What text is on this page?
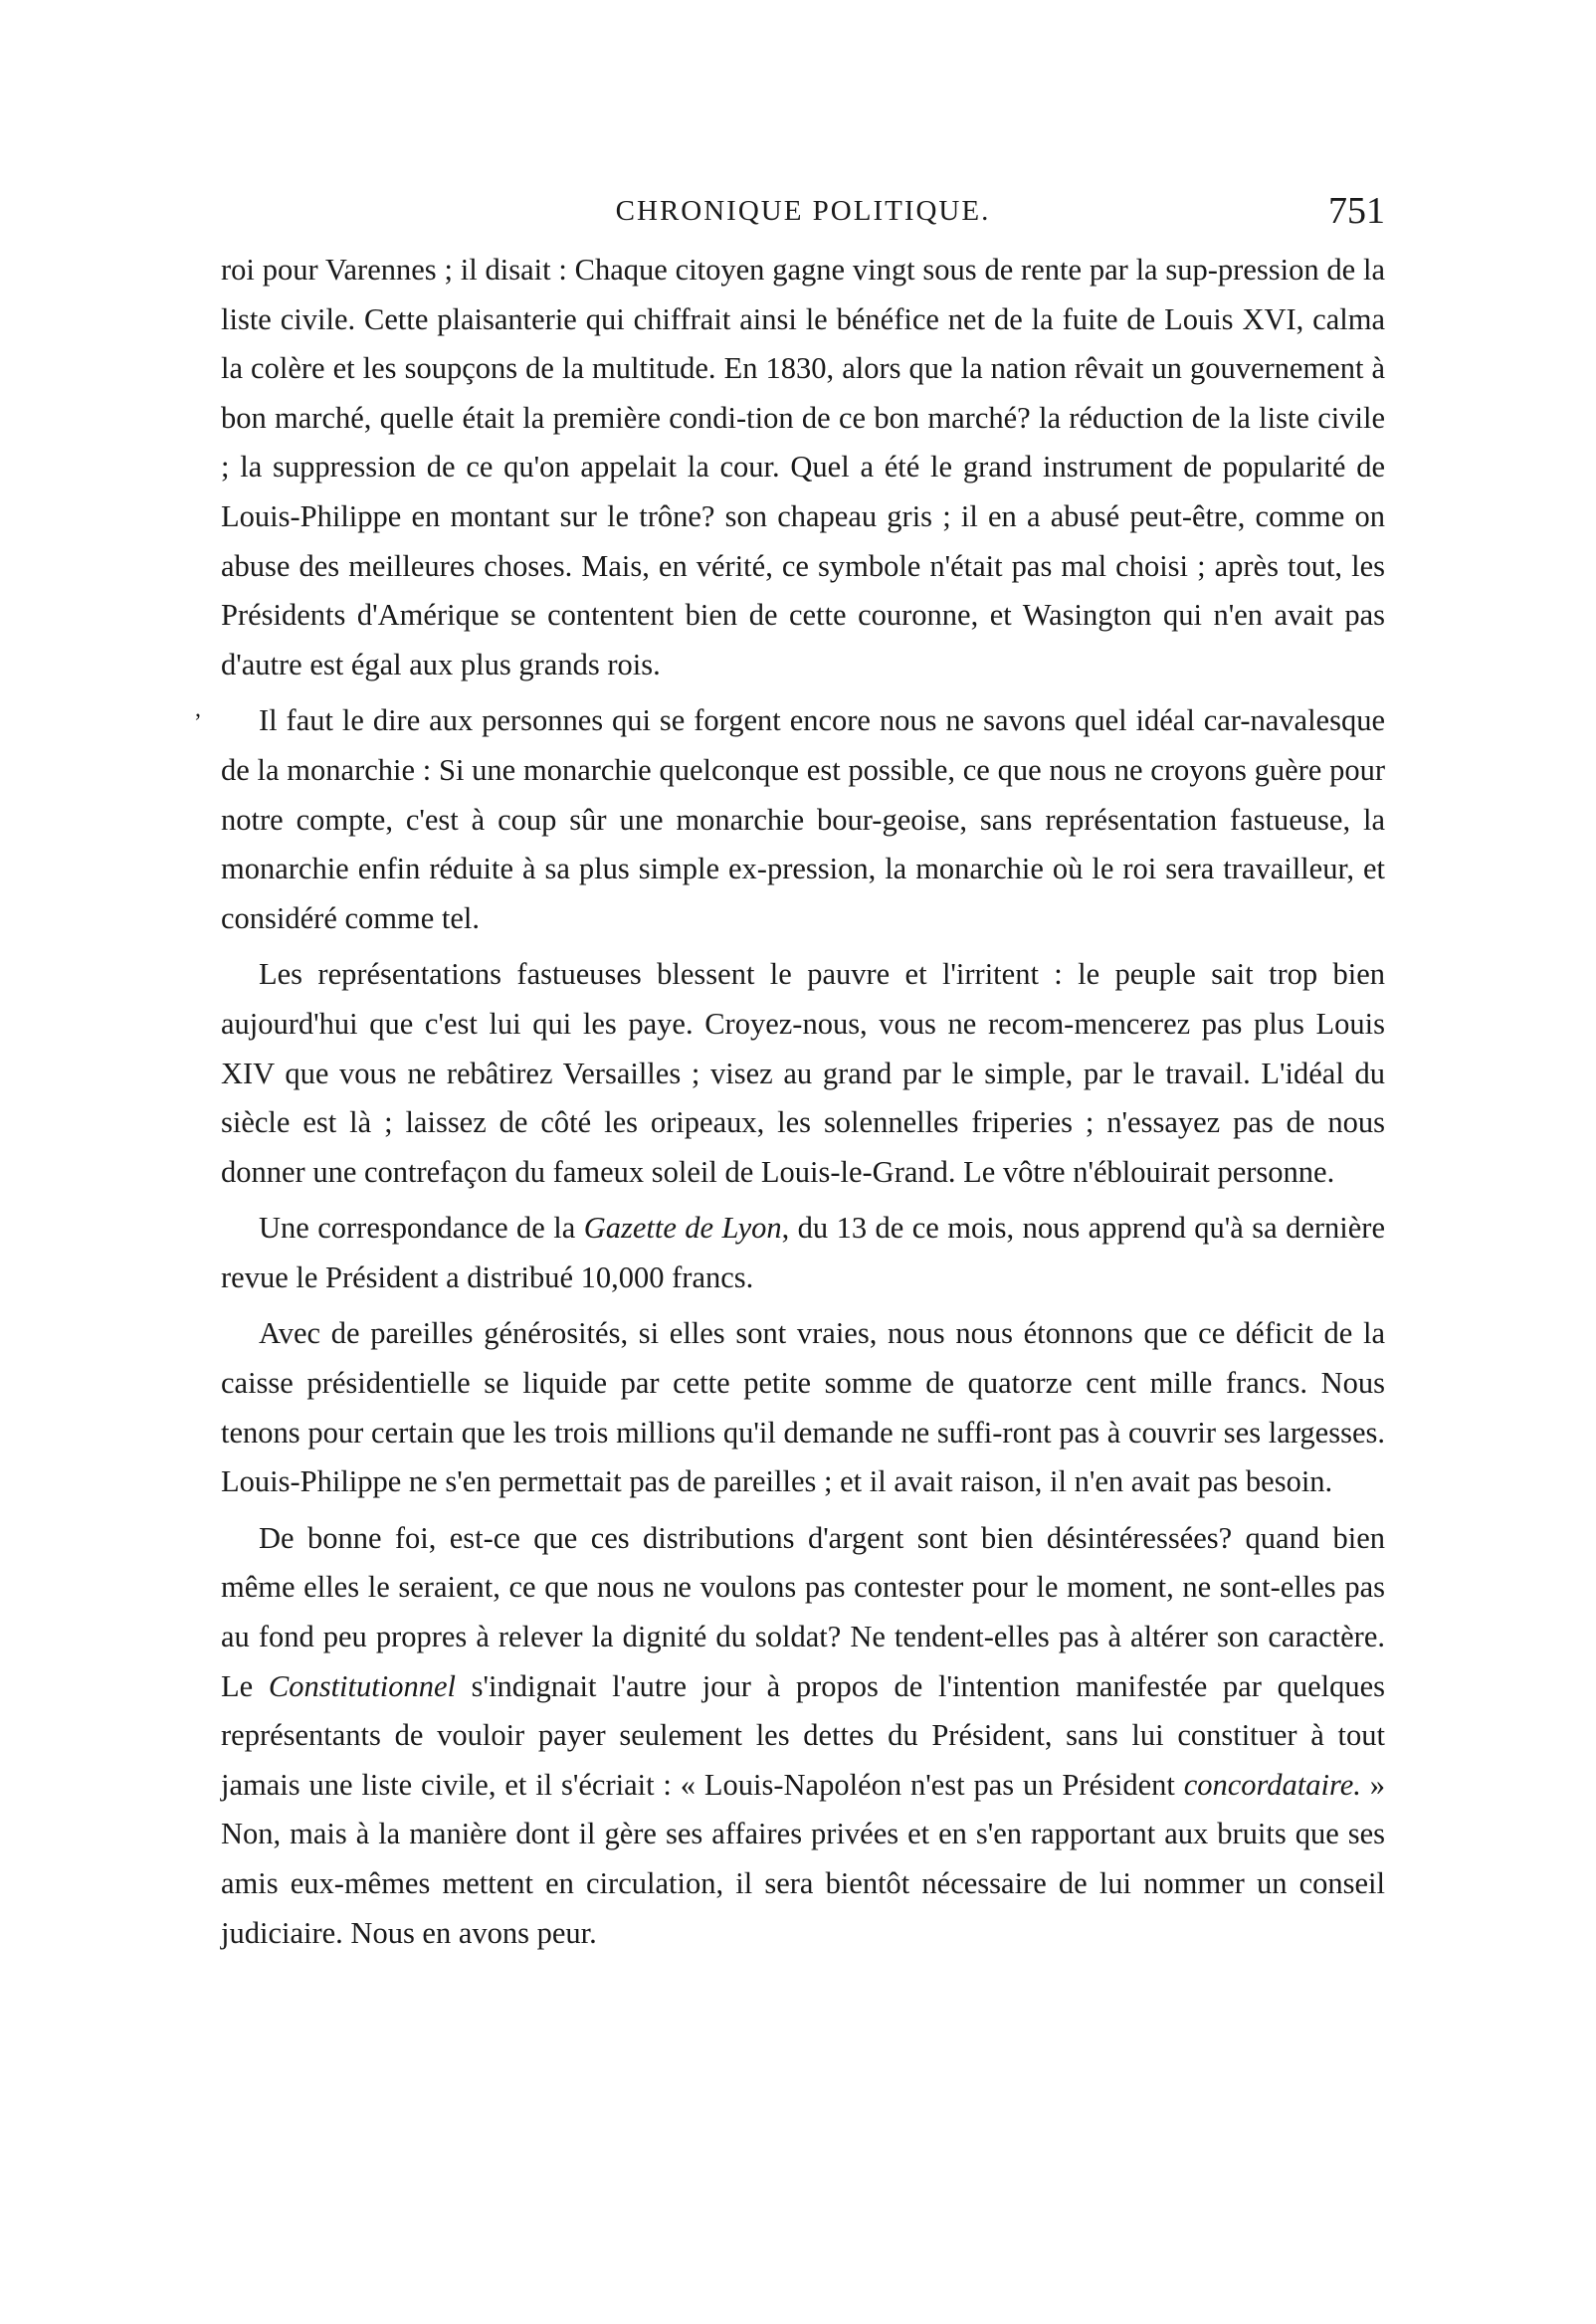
CHRONIQUE POLITIQUE.	751
,

roi pour Varennes ; il disait : Chaque citoyen gagne vingt sous de rente par la sup-pression de la liste civile. Cette plaisanterie qui chiffrait ainsi le bénéfice net de la fuite de Louis XVI, calma la colère et les soupçons de la multitude. En 1830, alors que la nation rêvait un gouvernement à bon marché, quelle était la première condi-tion de ce bon marché? la réduction de la liste civile ; la suppression de ce qu'on appelait la cour. Quel a été le grand instrument de popularité de Louis-Philippe en montant sur le trône? son chapeau gris ; il en a abusé peut-être, comme on abuse des meilleures choses. Mais, en vérité, ce symbole n'était pas mal choisi ; après tout, les Présidents d'Amérique se contentent bien de cette couronne, et Wasington qui n'en avait pas d'autre est égal aux plus grands rois.

Il faut le dire aux personnes qui se forgent encore nous ne savons quel idéal car-navalesque de la monarchie : Si une monarchie quelconque est possible, ce que nous ne croyons guère pour notre compte, c'est à coup sûr une monarchie bour-geoise, sans représentation fastueuse, la monarchie enfin réduite à sa plus simple ex-pression, la monarchie où le roi sera travailleur, et considéré comme tel.

Les représentations fastueuses blessent le pauvre et l'irritent : le peuple sait trop bien aujourd'hui que c'est lui qui les paye. Croyez-nous, vous ne recom-mencerez pas plus Louis XIV que vous ne rebâtirez Versailles ; visez au grand par le simple, par le travail. L'idéal du siècle est là ; laissez de côté les oripeaux, les solennelles friperies ; n'essayez pas de nous donner une contrefaçon du fameux soleil de Louis-le-Grand. Le vôtre n'éblouirait personne.

Une correspondance de la Gazette de Lyon, du 13 de ce mois, nous apprend qu'à sa dernière revue le Président a distribué 10,000 francs.

Avec de pareilles générosités, si elles sont vraies, nous nous étonnons que ce déficit de la caisse présidentielle se liquide par cette petite somme de quatorze cent mille francs. Nous tenons pour certain que les trois millions qu'il demande ne suffi-ront pas à couvrir ses largesses. Louis-Philippe ne s'en permettait pas de pareilles ; et il avait raison, il n'en avait pas besoin.

De bonne foi, est-ce que ces distributions d'argent sont bien désintéressées? quand bien même elles le seraient, ce que nous ne voulons pas contester pour le moment, ne sont-elles pas au fond peu propres à relever la dignité du soldat? Ne tendent-elles pas à altérer son caractère. Le Constitutionnel s'indignait l'autre jour à propos de l'intention manifestée par quelques représentants de vouloir payer seulement les dettes du Président, sans lui constituer à tout jamais une liste civile, et il s'écriait : « Louis-Napoléon n'est pas un Président concordataire. » Non, mais à la manière dont il gère ses affaires privées et en s'en rapportant aux bruits que ses amis eux-mêmes mettent en circulation, il sera bientôt nécessaire de lui nommer un conseil judiciaire. Nous en avons peur.
